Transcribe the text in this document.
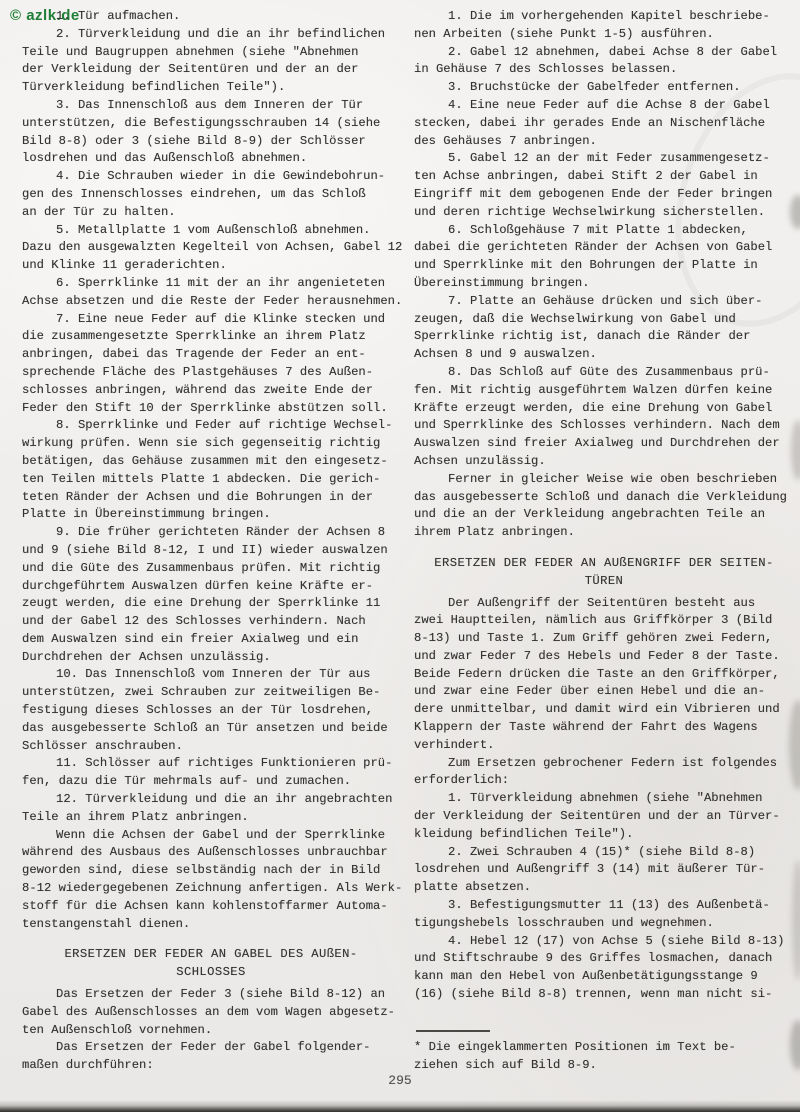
© azlk.de
1. Tür aufmachen.
2. Türverkleidung und die an ihr befindlichen
Teile und Baugruppen abnehmen (siehe "Abnehmen
der Verkleidung der Seitentüren und der an der
Türverkleidung befindlichen Teile").
3. Das Innenschloß aus dem Inneren der Tür
unterstützen, die Befestigungsschrauben 14 (siehe
Bild 8-8) oder 3 (siehe Bild 8-9) der Schlösser
losdrehen und das Außenschloß abnehmen.
4. Die Schrauben wieder in die Gewindebohrun-
gen des Innenschlosses eindrehen, um das Schloß
an der Tür zu halten.
5. Metallplatte 1 vom Außenschloß abnehmen.
Dazu den ausgewalzten Kegelteil von Achsen, Gabel 12
und Klinke 11 geraderichten.
6. Sperrklinke 11 mit der an ihr angenieteten
Achse absetzen und die Reste der Feder herausnehmen.
7. Eine neue Feder auf die Klinke stecken und
die zusammengesetzte Sperrklinke an ihrem Platz
anbringen, dabei das Tragende der Feder an ent-
sprechende Fläche des Plastgehäuses 7 des Außen-
schlosses anbringen, während das zweite Ende der
Feder den Stift 10 der Sperrklinke abstützen soll.
8. Sperrklinke und Feder auf richtige Wechsel-
wirkung prüfen. Wenn sie sich gegenseitig richtig
betätigen, das Gehäuse zusammen mit den eingesetz-
ten Teilen mittels Platte 1 abdecken. Die gerich-
teten Ränder der Achsen und die Bohrungen in der
Platte in Übereinstimmung bringen.
9. Die früher gerichteten Ränder der Achsen 8
und 9 (siehe Bild 8-12, I und II) wieder auswalzen
und die Güte des Zusammenbaus prüfen. Mit richtig
durchgeführtem Auswalzen dürfen keine Kräfte er-
zeugt werden, die eine Drehung der Sperrklinke 11
und der Gabel 12 des Schlosses verhindern. Nach
dem Auswalzen sind ein freier Axialweg und ein
Durchdrehen der Achsen unzulässig.
10. Das Innenschloß vom Inneren der Tür aus
unterstützen, zwei Schrauben zur zeitweiligen Be-
festigung dieses Schlosses an der Tür losdrehen,
das ausgebesserte Schloß an Tür ansetzen und beide
Schlösser anschrauben.
11. Schlösser auf richtiges Funktionieren prü-
fen, dazu die Tür mehrmals auf- und zumachen.
12. Türverkleidung und die an ihr angebrachten
Teile an ihrem Platz anbringen.
Wenn die Achsen der Gabel und der Sperrklinke
während des Ausbaus des Außenschlosses unbrauchbar
geworden sind, diese selbständig nach der in Bild
8-12 wiedergegebenen Zeichnung anfertigen. Als Werk-
stoff für die Achsen kann kohlenstoffarmer Automa-
tenstangenstahl dienen.
ERSETZEN DER FEDER AN GABEL DES AUßEN-
SCHLOSSES
Das Ersetzen der Feder 3 (siehe Bild 8-12) an
Gabel des Außenschlosses an dem vom Wagen abgesetz-
ten Außenschloß vornehmen.
Das Ersetzen der Feder der Gabel folgender-
maßen durchführen:
1. Die im vorhergehenden Kapitel beschriebe-
nen Arbeiten (siehe Punkt 1-5) ausführen.
2. Gabel 12 abnehmen, dabei Achse 8 der Gabel
in Gehäuse 7 des Schlosses belassen.
3. Bruchstücke der Gabelfeder entfernen.
4. Eine neue Feder auf die Achse 8 der Gabel
stecken, dabei ihr gerades Ende an Nischenfläche
des Gehäuses 7 anbringen.
5. Gabel 12 an der mit Feder zusammengesetz-
ten Achse anbringen, dabei Stift 2 der Gabel in
Eingriff mit dem gebogenen Ende der Feder bringen
und deren richtige Wechselwirkung sicherstellen.
6. Schloßgehäuse 7 mit Platte 1 abdecken,
dabei die gerichteten Ränder der Achsen von Gabel
und Sperrklinke mit den Bohrungen der Platte in
Übereinstimmung bringen.
7. Platte an Gehäuse drücken und sich über-
zeugen, daß die Wechselwirkung von Gabel und
Sperrklinke richtig ist, danach die Ränder der
Achsen 8 und 9 auswalzen.
8. Das Schloß auf Güte des Zusammenbaus prü-
fen. Mit richtig ausgeführtem Walzen dürfen keine
Kräfte erzeugt werden, die eine Drehung von Gabel
und Sperrklinke des Schlosses verhindern. Nach dem
Auswalzen sind freier Axialweg und Durchdrehen der
Achsen unzulässig.
Ferner in gleicher Weise wie oben beschrieben
das ausgebesserte Schloß und danach die Verkleidung
und die an der Verkleidung angebrachten Teile an
ihrem Platz anbringen.
ERSETZEN DER FEDER AN AUßENGRIFF DER SEITEN-
TÜREN
Der Außengriff der Seitentüren besteht aus
zwei Hauptteilen, nämlich aus Griffkörper 3 (Bild
8-13) und Taste 1. Zum Griff gehören zwei Federn,
und zwar Feder 7 des Hebels und Feder 8 der Taste.
Beide Federn drücken die Taste an den Griffkörper,
und zwar eine Feder über einen Hebel und die an-
dere unmittelbar, und damit wird ein Vibrieren und
Klappern der Taste während der Fahrt des Wagens
verhindert.
Zum Ersetzen gebrochener Federn ist folgendes
erforderlich:
1. Türverkleidung abnehmen (siehe "Abnehmen
der Verkleidung der Seitentüren und der an Türver-
kleidung befindlichen Teile").
2. Zwei Schrauben 4 (15)* (siehe Bild 8-8)
losdrehen und Außengriff 3 (14) mit äußerer Tür-
platte absetzen.
3. Befestigungsmutter 11 (13) des Außenbetä-
tigungshebels losschrauben und wegnehmen.
4. Hebel 12 (17) von Achse 5 (siehe Bild 8-13)
und Stiftschraube 9 des Griffes losmachen, danach
kann man den Hebel von Außenbetätigungsstange 9
(16) (siehe Bild 8-8) trennen, wenn man nicht si-
* Die eingeklammerten Positionen im Text be-
ziehen sich auf Bild 8-9.
295
